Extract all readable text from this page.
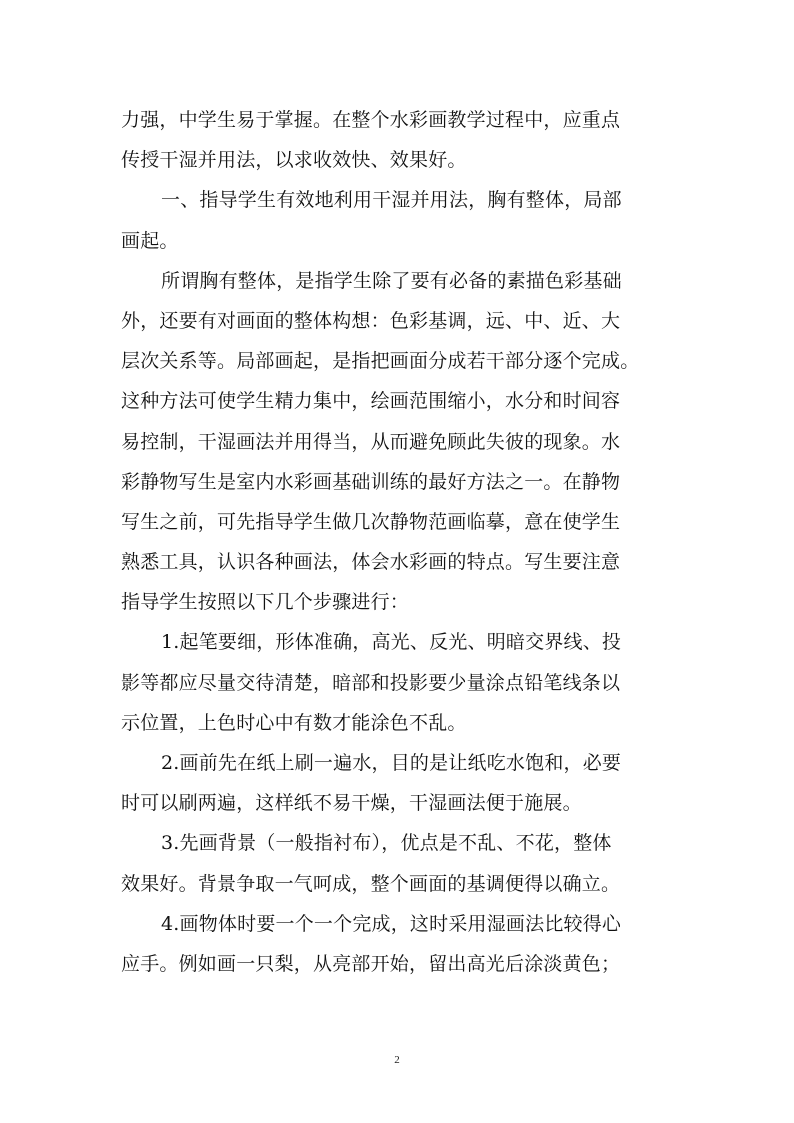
力强，中学生易于掌握。在整个水彩画教学过程中，应重点
传授干湿并用法，以求收效快、效果好。
一、指导学生有效地利用干湿并用法，胸有整体，局部
画起。
所谓胸有整体，是指学生除了要有必备的素描色彩基础
外，还要有对画面的整体构想：色彩基调，远、中、近、大
层次关系等。局部画起，是指把画面分成若干部分逐个完成。
这种方法可使学生精力集中，绘画范围缩小，水分和时间容
易控制，干湿画法并用得当，从而避免顾此失彼的现象。水
彩静物写生是室内水彩画基础训练的最好方法之一。在静物
写生之前，可先指导学生做几次静物范画临摹，意在使学生
熟悉工具，认识各种画法，体会水彩画的特点。写生要注意
指导学生按照以下几个步骤进行：
1.起笔要细，形体准确，高光、反光、明暗交界线、投
影等都应尽量交待清楚，暗部和投影要少量涂点铅笔线条以
示位置，上色时心中有数才能涂色不乱。
2.画前先在纸上刷一遍水，目的是让纸吃水饱和，必要
时可以刷两遍，这样纸不易干燥，干湿画法便于施展。
3.先画背景（一般指衬布），优点是不乱、不花，整体
效果好。背景争取一气呵成，整个画面的基调便得以确立。
4.画物体时要一个一个完成，这时采用湿画法比较得心
应手。例如画一只梨，从亮部开始，留出高光后涂淡黄色；
2
